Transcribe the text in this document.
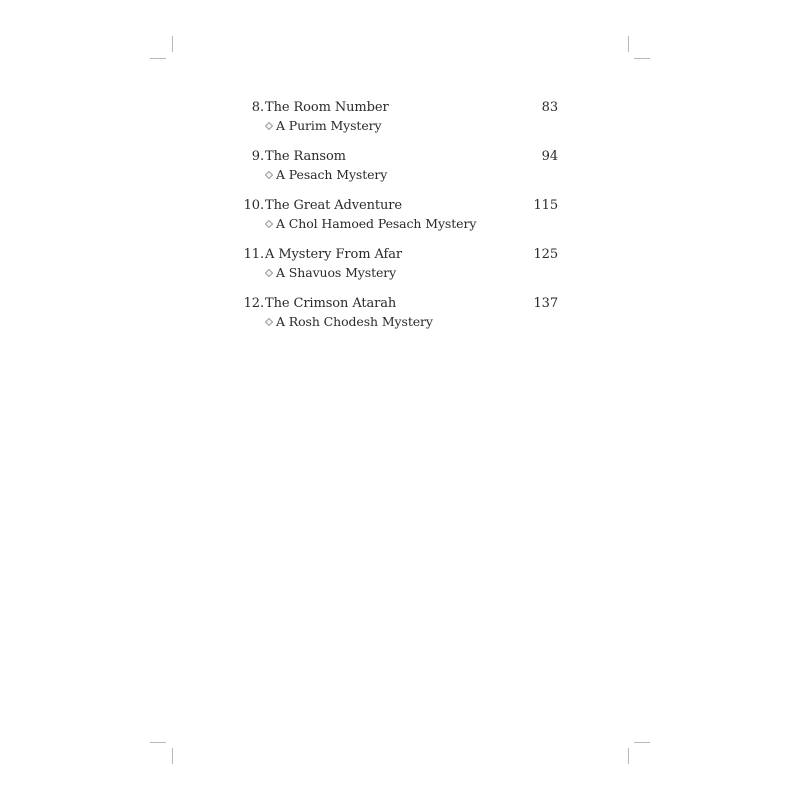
8. The Room Number	83
A Purim Mystery
9. The Ransom	94
A Pesach Mystery
10. The Great Adventure	115
A Chol Hamoed Pesach Mystery
11. A Mystery From Afar	125
A Shavuos Mystery
12. The Crimson Atarah	137
A Rosh Chodesh Mystery
